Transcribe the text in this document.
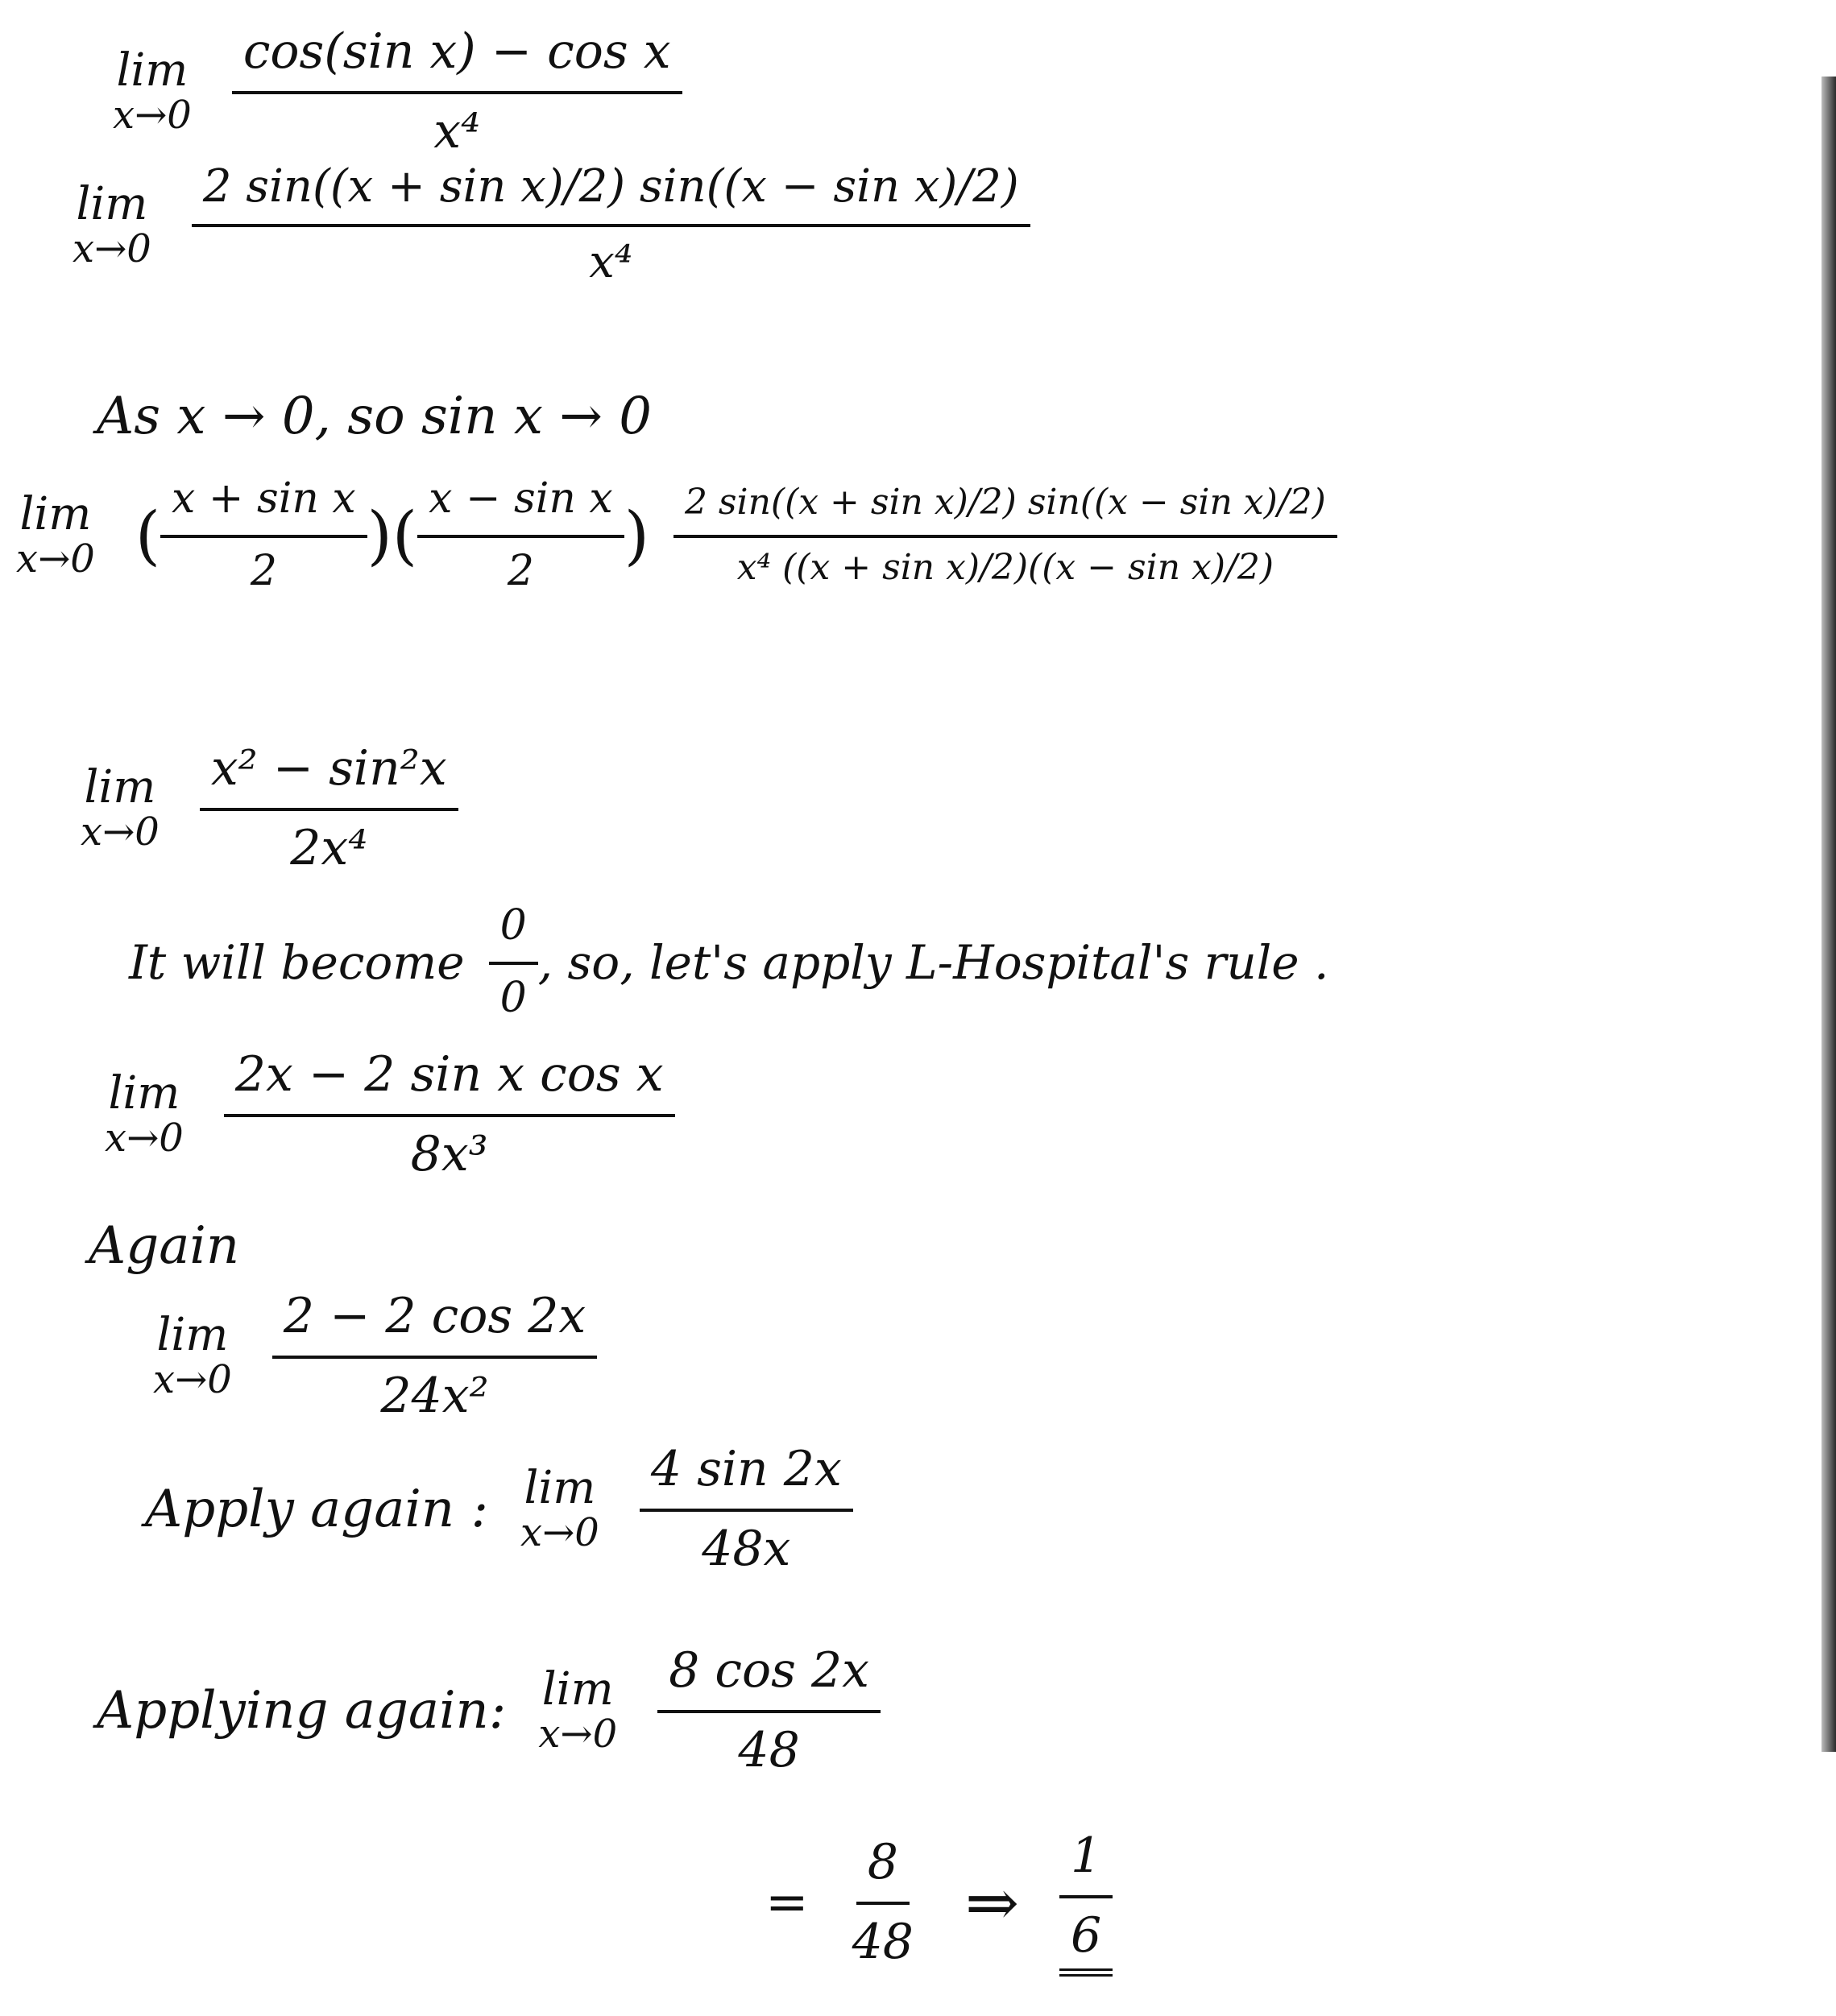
lim
$x\to 0 \frac{\text{cos(sin x) − cos x}}{\text{x⁴}}$
lim
$x\to 0 \frac{\text{2 sin((x + sin x)/2) sin((x − sin x)/2)}}{\text{x⁴}}$
As x → 0, so sin x → 0
lim
x→0 ( $\frac{\text{x + sin x}}{2}$ )( $\frac{\text{x − sin x}}{2}$ ) $\frac{\text{2 sin((x + sin x)/2) sin((x − sin x)/2)}}{\text{x⁴ ((x + sin x)/2)((x − sin x)/2)}}$
lim
$x\to 0 \frac{\text{x² − sin²x}}{\text{2x⁴}}$
It will become $\frac{0}{0}$ , so, let's apply L-Hospital's rule .
lim
$x\to 0 \frac{\text{2x − 2 sin x cos x}}{\text{8x³}}$
Again
lim
$x\to 0 \frac{2 - 2 \cos 2x}{\text{24x²}}$
Apply again : lim
$x\to 0 \frac{4 \sin 2x}{48x}$
Applying again: lim
$x\to 0 \frac{8 \cos 2x}{48}$
= $\frac{8}{48}$ ⇒ $\frac{1}{6}$
